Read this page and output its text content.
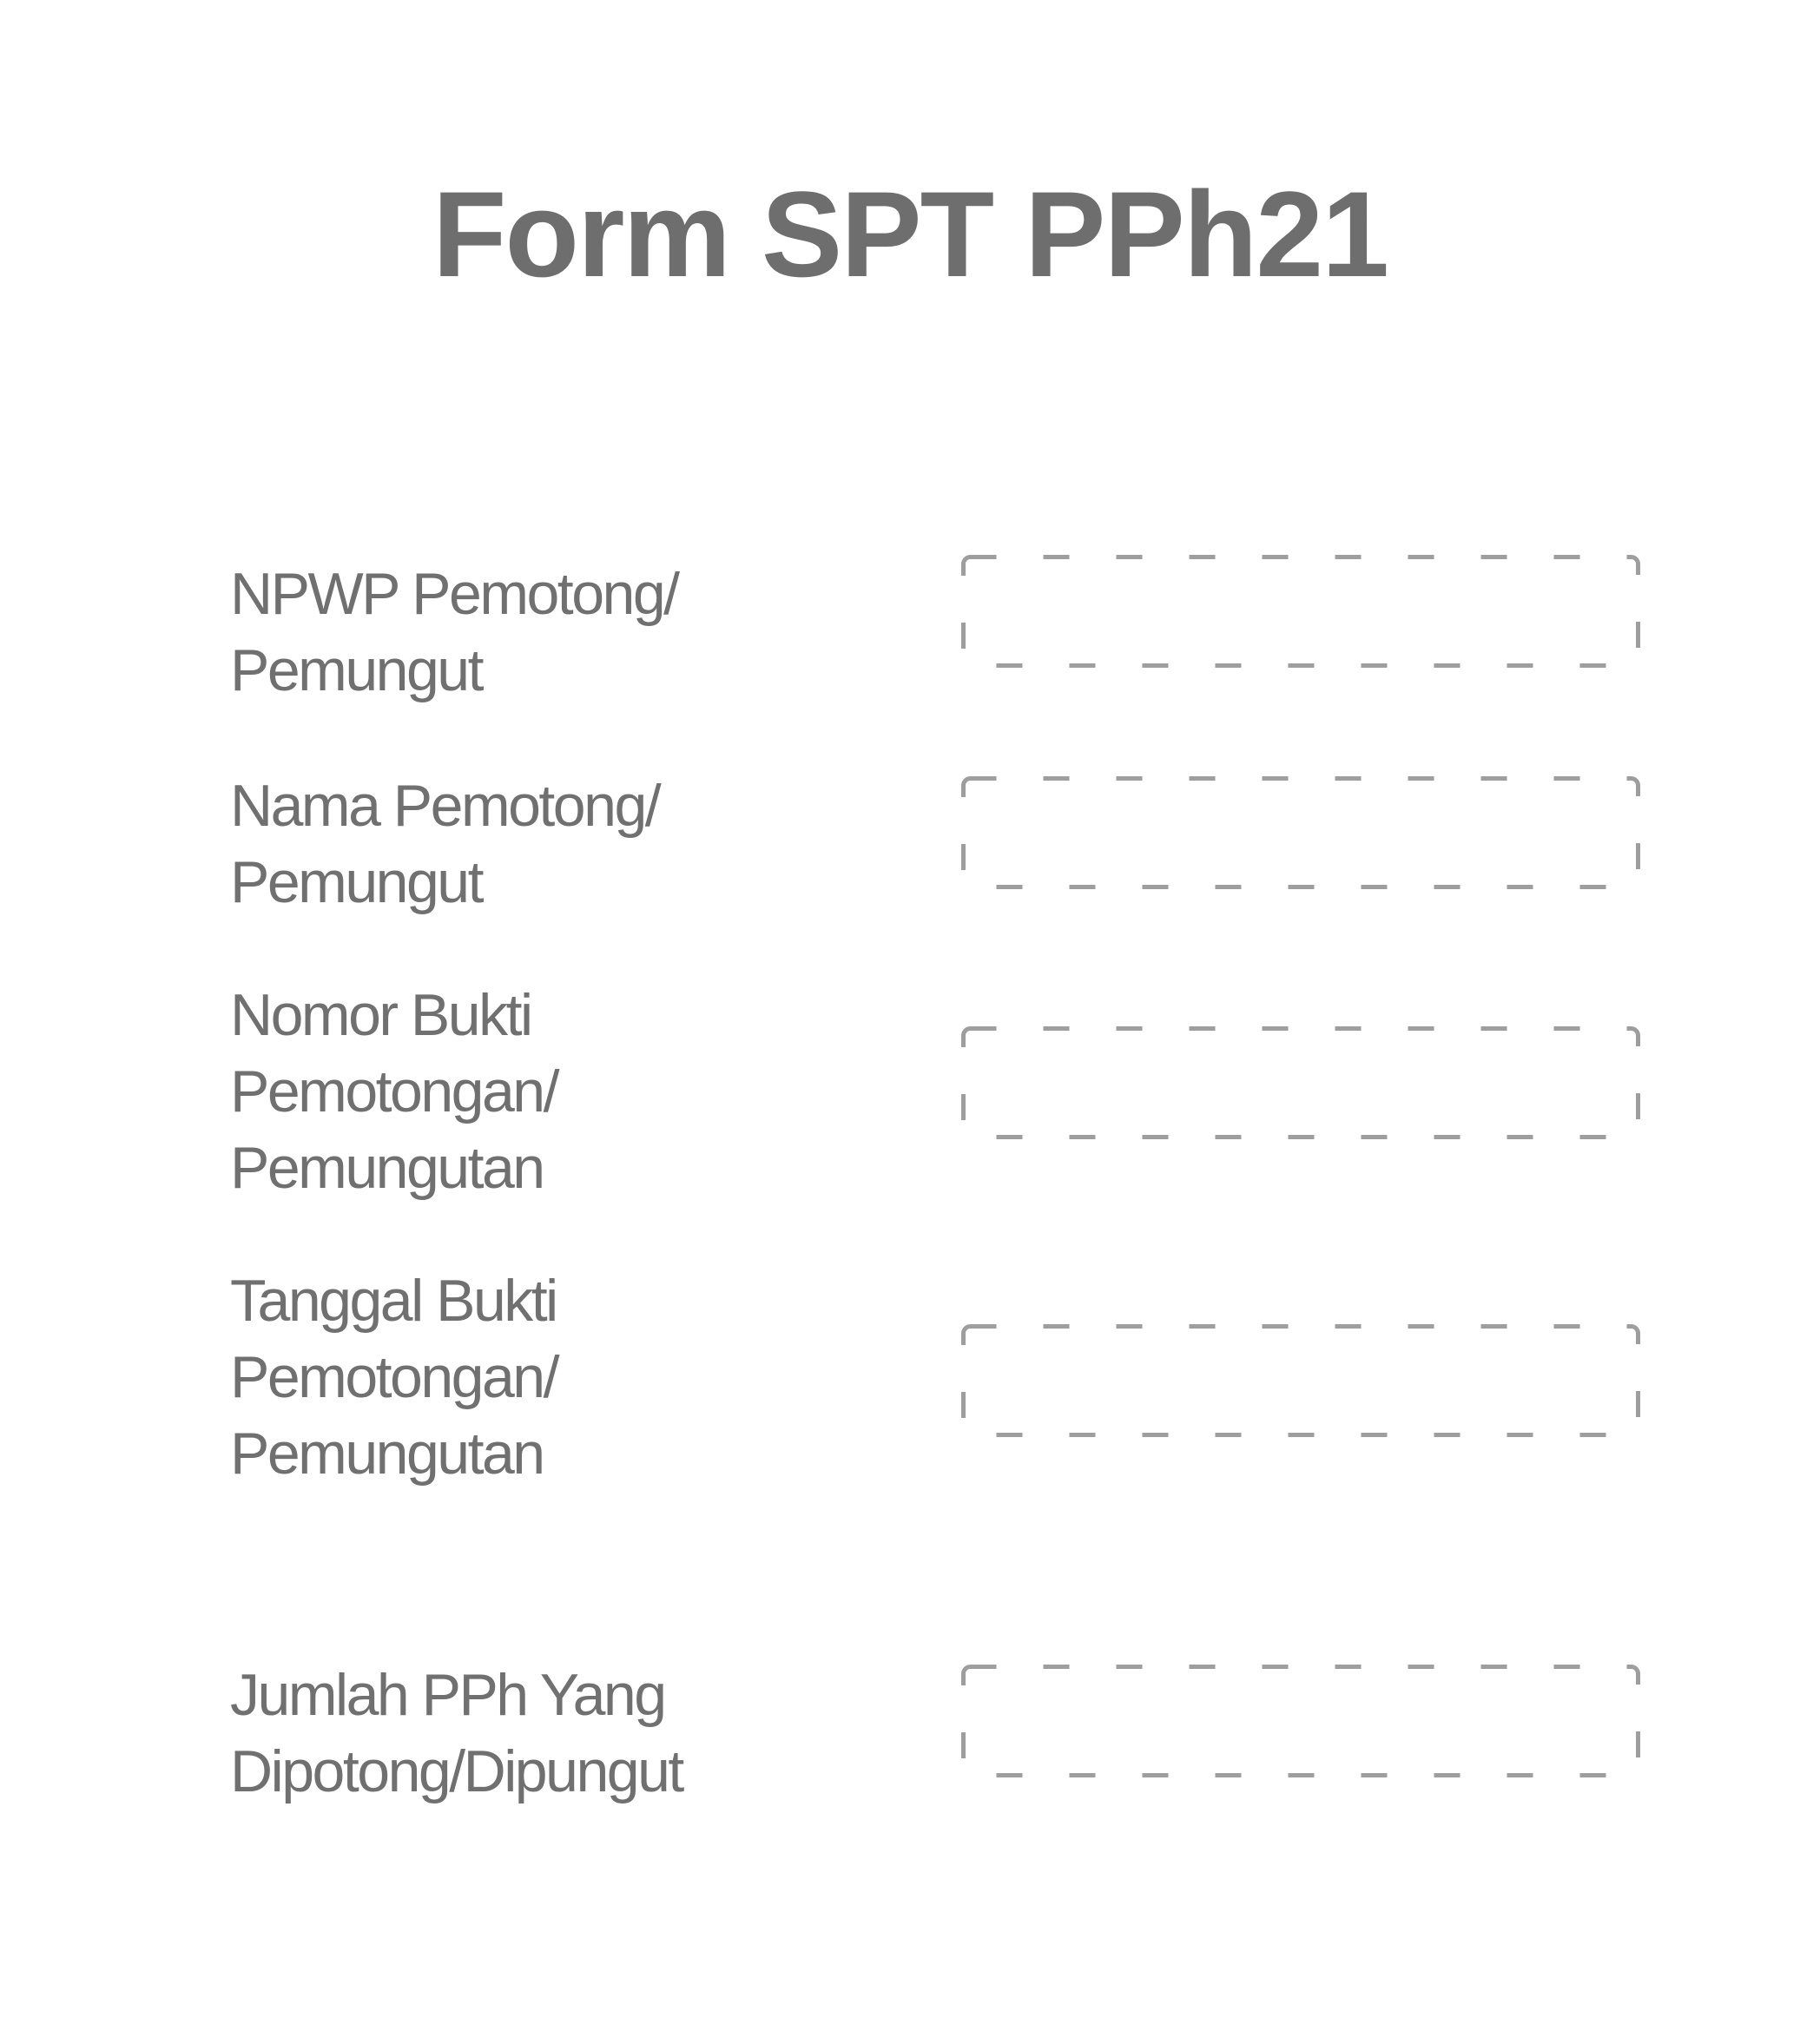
Form SPT PPh21
NPWP Pemotong/
Pemungut
Nama Pemotong/
Pemungut
Nomor Bukti
Pemotongan/
Pemungutan
Tanggal Bukti
Pemotongan/
Pemungutan
Jumlah PPh Yang
Dipotong/Dipungut
